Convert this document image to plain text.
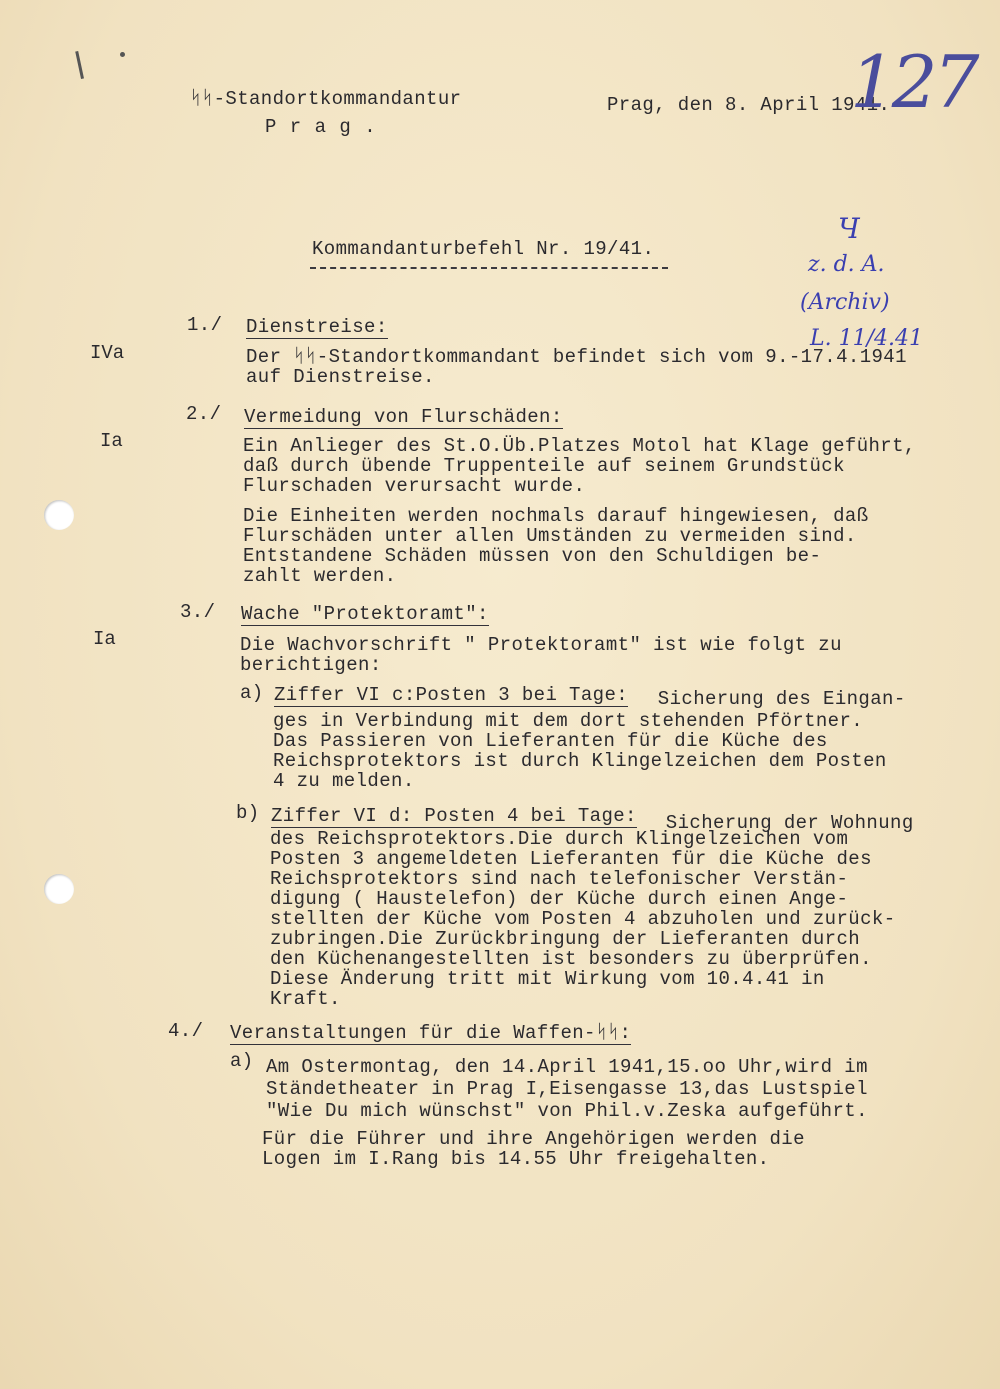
ᛋᛋ-Standortkommandantur
P r a g .
Prag, den 8. April 1941.
127
Kommandanturbefehl Nr. 19/41.
Ч
z. d. A.
(Archiv)
L. 11/4.41
1./
IVa
Dienstreise:
Der ᛋᛋ-Standortkommandant befindet sich vom 9.-17.4.1941
auf Dienstreise.
2./
Ia
Vermeidung von Flurschäden:
Ein Anlieger des St.O.Üb.Platzes Motol hat Klage geführt,
daß durch übende Truppenteile auf seinem Grundstück
Flurschaden verursacht wurde.
Die Einheiten werden nochmals darauf hingewiesen, daß
Flurschäden unter allen Umständen zu vermeiden sind.
Entstandene Schäden müssen von den Schuldigen be-
zahlt werden.
3./
Ia
Wache "Protektoramt":
Die Wachvorschrift " Protektoramt" ist wie folgt zu
berichtigen:
a) Ziffer VI c:Posten 3 bei Tage: Sicherung des Eingan-
ges in Verbindung mit dem dort stehenden Pförtner.
Das Passieren von Lieferanten für die Küche des
Reichsprotektors ist durch Klingelzeichen dem Posten
4 zu melden.
b) Ziffer VI d: Posten 4 bei Tage: Sicherung der Wohnung
des Reichsprotektors.Die durch Klingelzeichen vom
Posten 3 angemeldeten Lieferanten für die Küche des
Reichsprotektors sind nach telefonischer Verstän-
digung ( Haustelefon) der Küche durch einen Ange-
stellten der Küche vom Posten 4 abzuholen und zurück-
zubringen.Die Zurückbringung der Lieferanten durch
den Küchenangestellten ist besonders zu überprüfen.
Diese Änderung tritt mit Wirkung vom 10.4.41 in
Kraft.
4./ Veranstaltungen für die Waffen-ᛋᛋ:
a) Am Ostermontag, den 14.April 1941,15.oo Uhr,wird im
Ständetheater in Prag I,Eisengasse 13,das Lustspiel
"Wie Du mich wünschst" von Phil.v.Zeska aufgeführt.
Für die Führer und ihre Angehörigen werden die
Logen im I.Rang bis 14.55 Uhr freigehalten.
